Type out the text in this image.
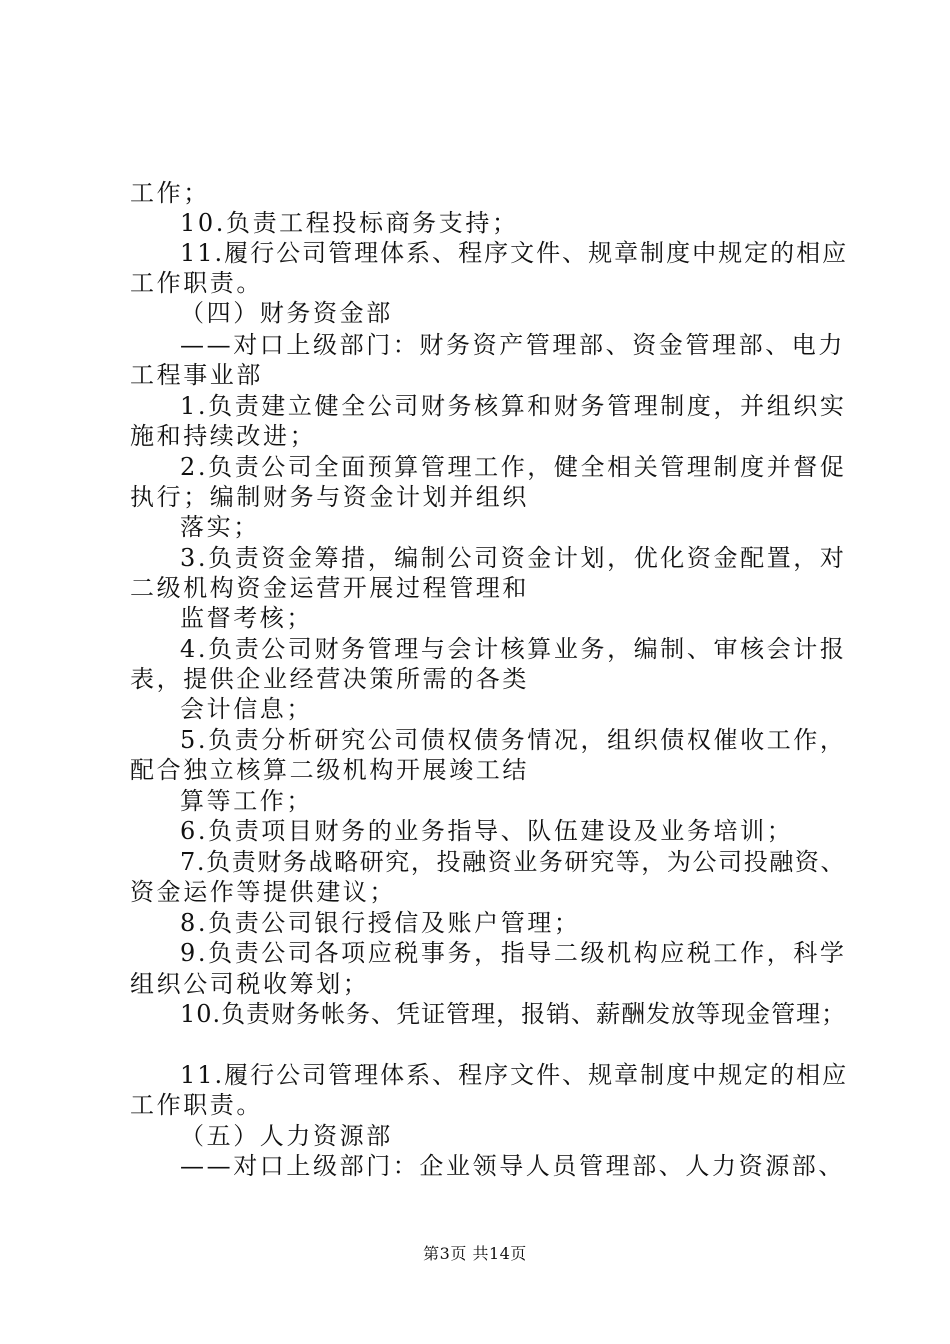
工作；
10.负责工程投标商务支持；
11.履行公司管理体系、程序文件、规章制度中规定的相应
工作职责。
（四）财务资金部
——对口上级部门：财务资产管理部、资金管理部、电力
工程事业部
1.负责建立健全公司财务核算和财务管理制度，并组织实
施和持续改进；
2.负责公司全面预算管理工作，健全相关管理制度并督促
执行；编制财务与资金计划并组织
落实；
3.负责资金筹措，编制公司资金计划，优化资金配置，对
二级机构资金运营开展过程管理和
监督考核；
4.负责公司财务管理与会计核算业务，编制、审核会计报
表，提供企业经营决策所需的各类
会计信息；
5.负责分析研究公司债权债务情况，组织债权催收工作，
配合独立核算二级机构开展竣工结
算等工作；
6.负责项目财务的业务指导、队伍建设及业务培训；
7.负责财务战略研究，投融资业务研究等，为公司投融资、
资金运作等提供建议；
8.负责公司银行授信及账户管理；
9.负责公司各项应税事务，指导二级机构应税工作，科学
组织公司税收筹划；
10.负责财务帐务、凭证管理，报销、薪酬发放等现金管理；
11.履行公司管理体系、程序文件、规章制度中规定的相应
工作职责。
（五）人力资源部
——对口上级部门：企业领导人员管理部、人力资源部、
第3页 共14页
